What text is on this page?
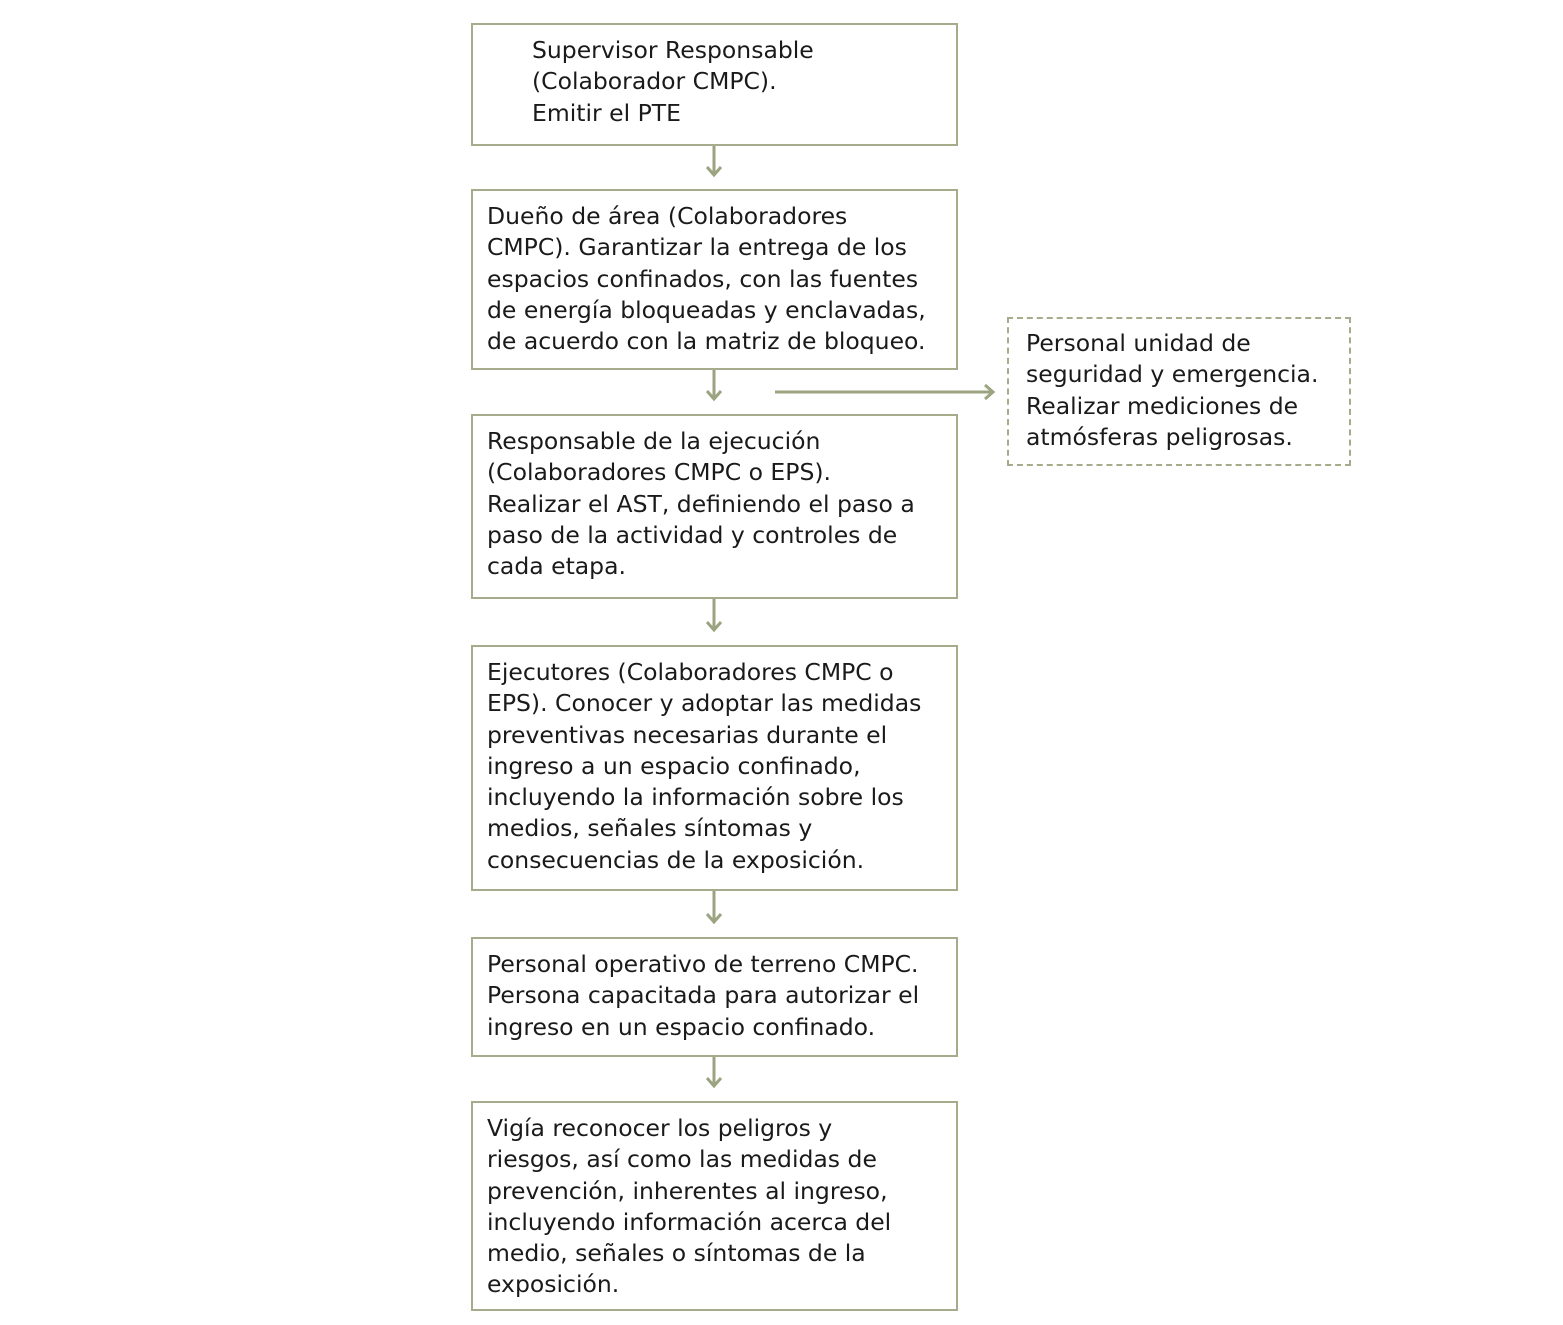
Supervisor Responsable
(Colaborador CMPC).
Emitir el PTE
Dueño de área (Colaboradores
CMPC). Garantizar la entrega de los
espacios confinados, con las fuentes
de energía bloqueadas y enclavadas,
de acuerdo con la matriz de bloqueo.
Responsable de la ejecución
(Colaboradores CMPC o EPS).
Realizar el AST, definiendo el paso a
paso de la actividad y controles de
cada etapa.
Ejecutores (Colaboradores CMPC o
EPS). Conocer y adoptar las medidas
preventivas necesarias durante el
ingreso a un espacio confinado,
incluyendo la información sobre los
medios, señales síntomas y
consecuencias de la exposición.
Personal operativo de terreno CMPC.
Persona capacitada para autorizar el
ingreso en un espacio confinado.
Vigía reconocer los peligros y
riesgos, así como las medidas de
prevención, inherentes al ingreso,
incluyendo información acerca del
medio, señales o síntomas de la
exposición.
Personal unidad de
seguridad y emergencia.
Realizar mediciones de
atmósferas peligrosas.
